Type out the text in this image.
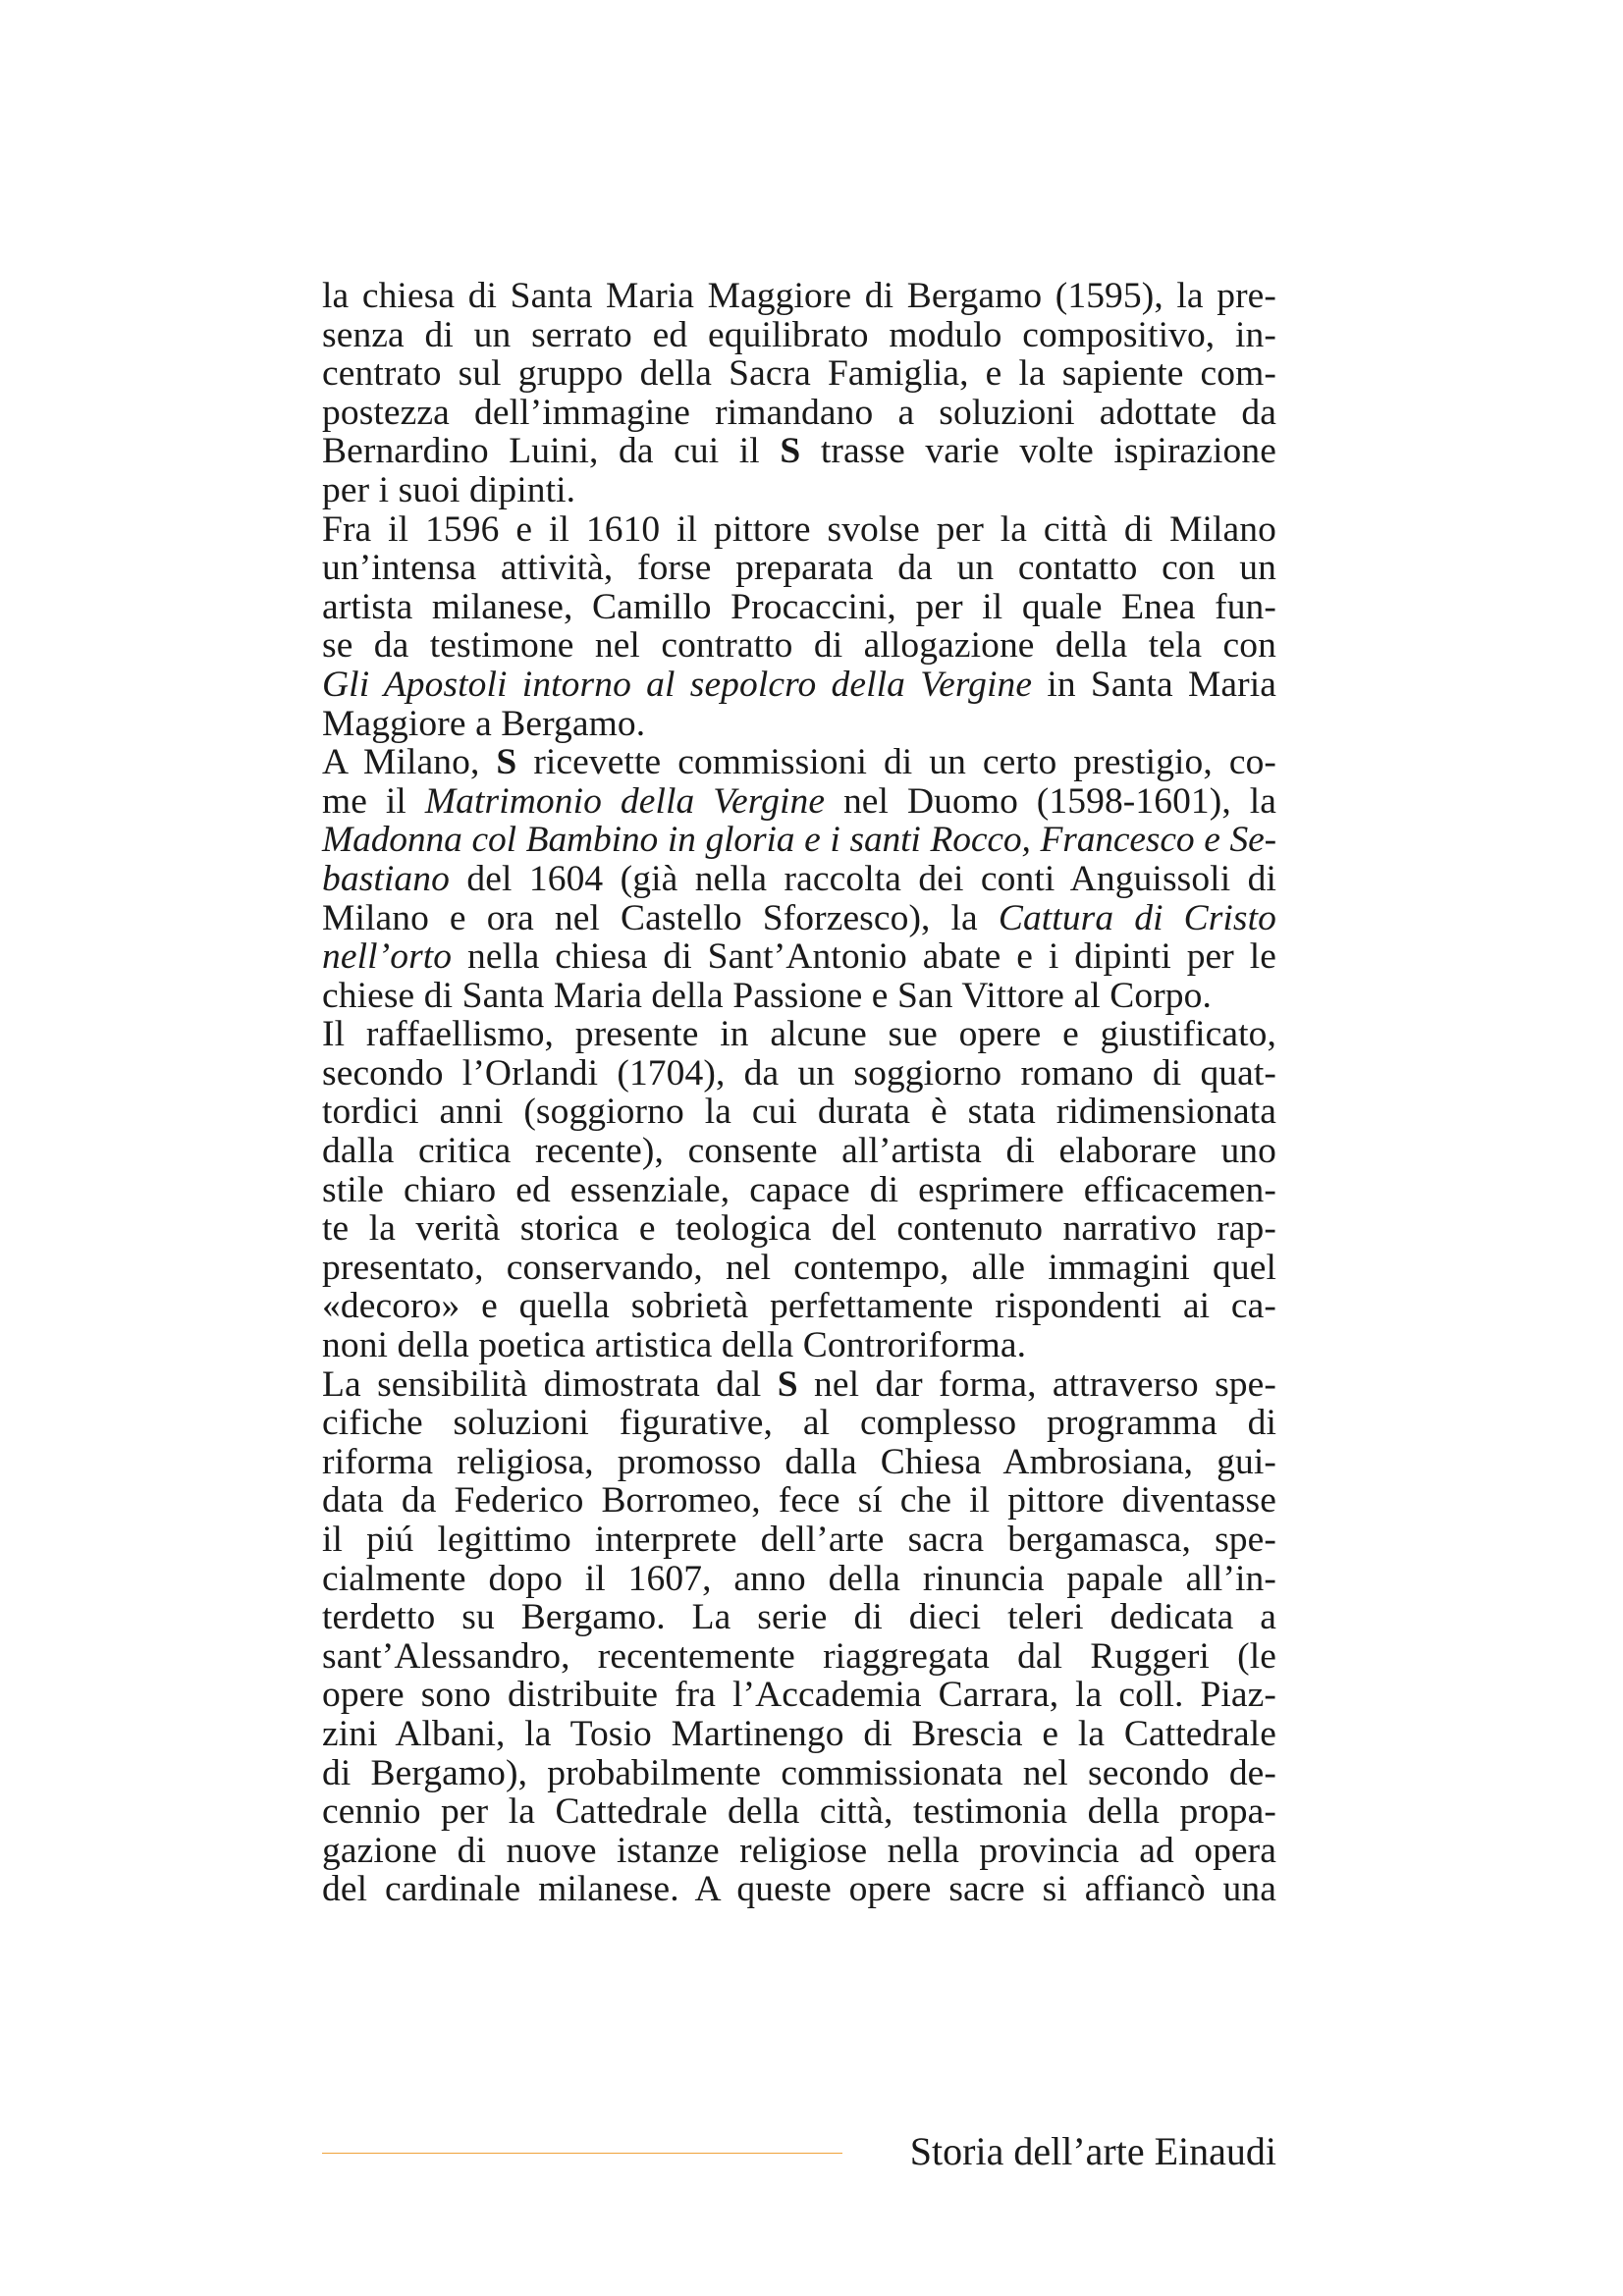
la chiesa di Santa Maria Maggiore di Bergamo (1595), la pre-
senza di un serrato ed equilibrato modulo compositivo, in-
centrato sul gruppo della Sacra Famiglia, e la sapiente com-
postezza dell’immagine rimandano a soluzioni adottate da
Bernardino Luini, da cui il S trasse varie volte ispirazione
per i suoi dipinti.
Fra il 1596 e il 1610 il pittore svolse per la città di Milano
un’intensa attività, forse preparata da un contatto con un
artista milanese, Camillo Procaccini, per il quale Enea fun-
se da testimone nel contratto di allogazione della tela con
Gli Apostoli intorno al sepolcro della Vergine in Santa Maria
Maggiore a Bergamo.
A Milano, S ricevette commissioni di un certo prestigio, co-
me il Matrimonio della Vergine nel Duomo (1598-1601), la
Madonna col Bambino in gloria e i santi Rocco, Francesco e Se-
bastiano del 1604 (già nella raccolta dei conti Anguissoli di
Milano e ora nel Castello Sforzesco), la Cattura di Cristo
nell’orto nella chiesa di Sant’Antonio abate e i dipinti per le
chiese di Santa Maria della Passione e San Vittore al Corpo.
Il raffaellismo, presente in alcune sue opere e giustificato,
secondo l’Orlandi (1704), da un soggiorno romano di quat-
tordici anni (soggiorno la cui durata è stata ridimensionata
dalla critica recente), consente all’artista di elaborare uno
stile chiaro ed essenziale, capace di esprimere efficacemen-
te la verità storica e teologica del contenuto narrativo rap-
presentato, conservando, nel contempo, alle immagini quel
«decoro» e quella sobrietà perfettamente rispondenti ai ca-
noni della poetica artistica della Controriforma.
La sensibilità dimostrata dal S nel dar forma, attraverso spe-
cifiche soluzioni figurative, al complesso programma di
riforma religiosa, promosso dalla Chiesa Ambrosiana, gui-
data da Federico Borromeo, fece sí che il pittore diventasse
il piú legittimo interprete dell’arte sacra bergamasca, spe-
cialmente dopo il 1607, anno della rinuncia papale all’in-
terdetto su Bergamo. La serie di dieci teleri dedicata a
sant’Alessandro, recentemente riaggregata dal Ruggeri (le
opere sono distribuite fra l’Accademia Carrara, la coll. Piaz-
zini Albani, la Tosio Martinengo di Brescia e la Cattedrale
di Bergamo), probabilmente commissionata nel secondo de-
cennio per la Cattedrale della città, testimonia della propa-
gazione di nuove istanze religiose nella provincia ad opera
del cardinale milanese. A queste opere sacre si affiancò una
Storia dell’arte Einaudi
